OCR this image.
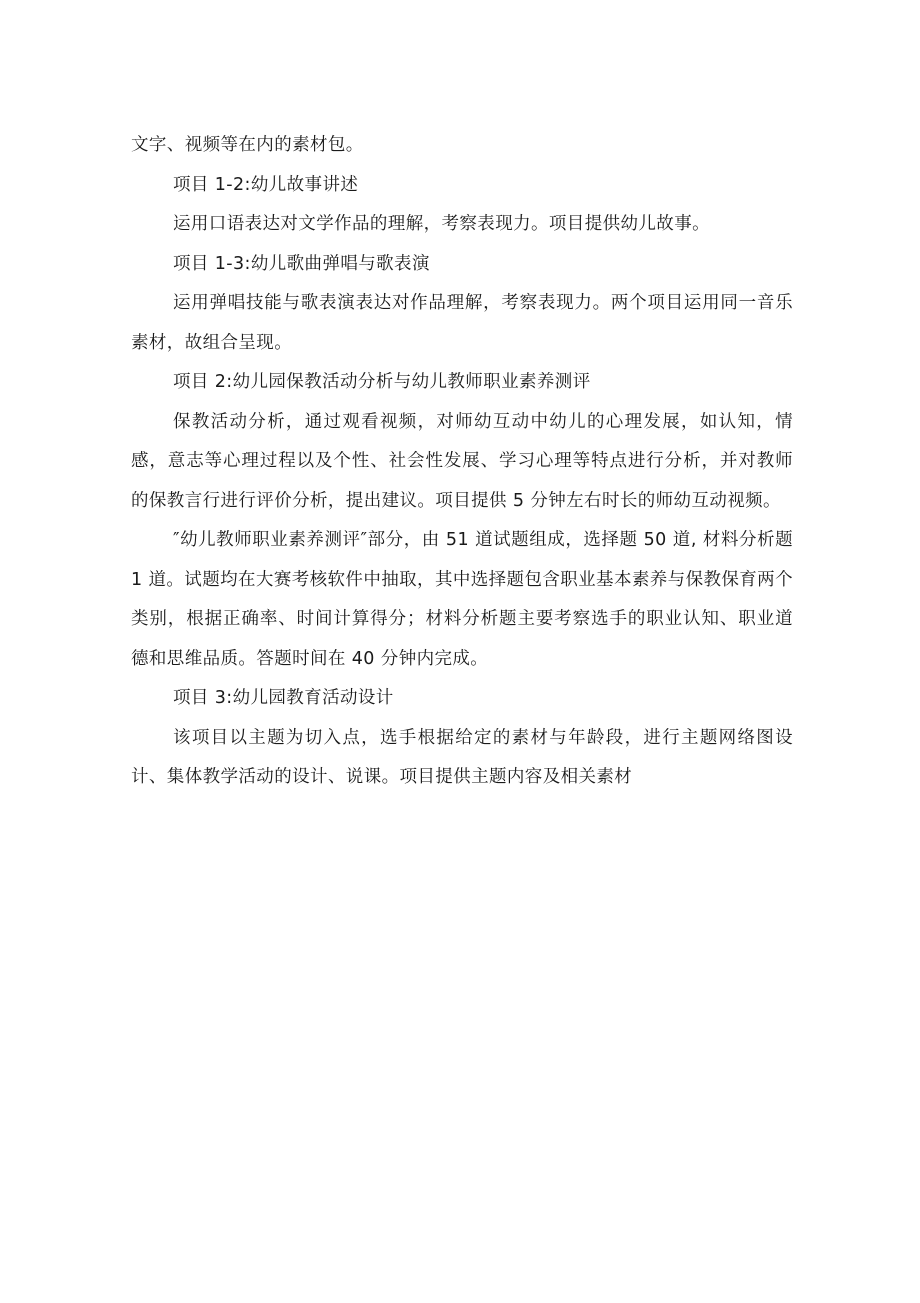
文字、视频等在内的素材包。

项目 1-2:幼儿故事讲述

运用口语表达对文学作品的理解，考察表现力。项目提供幼儿故事。

项目 1-3:幼儿歌曲弹唱与歌表演

运用弹唱技能与歌表演表达对作品理解，考察表现力。两个项目运用同一音乐素材，故组合呈现。

项目 2:幼儿园保教活动分析与幼儿教师职业素养测评

保教活动分析，通过观看视频，对师幼互动中幼儿的心理发展，如认知，情感，意志等心理过程以及个性、社会性发展、学习心理等特点进行分析，并对教师的保教言行进行评价分析，提出建议。项目提供 5 分钟左右时长的师幼互动视频。

″幼儿教师职业素养测评″部分，由 51 道试题组成，选择题 50 道, 材料分析题 1 道。试题均在大赛考核软件中抽取，其中选择题包含职业基本素养与保教保育两个类别，根据正确率、时间计算得分；材料分析题主要考察选手的职业认知、职业道德和思维品质。答题时间在 40 分钟内完成。

项目 3:幼儿园教育活动设计

该项目以主题为切入点，选手根据给定的素材与年龄段，进行主题网络图设计、集体教学活动的设计、说课。项目提供主题内容及相关素材
